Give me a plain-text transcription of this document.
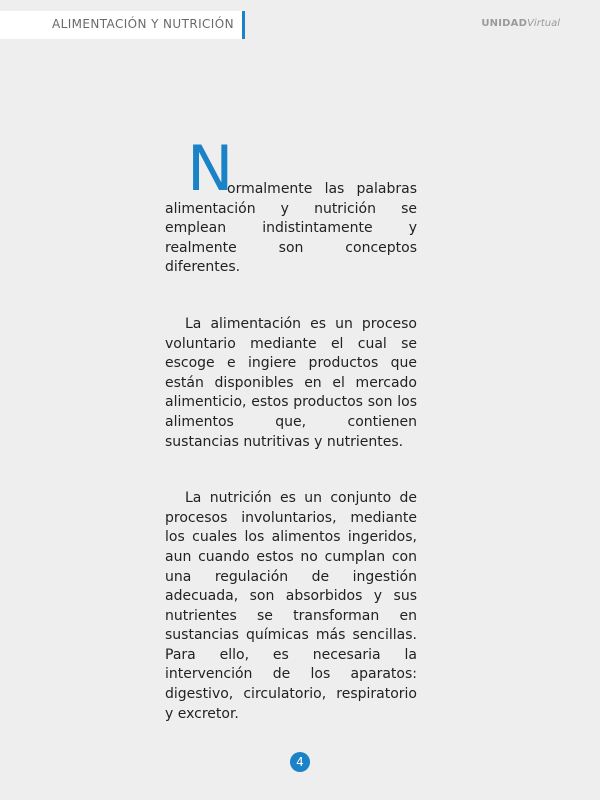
ALIMENTACIÓN Y NUTRICIÓN	UNIDADVirtual

N
ormalmente las palabras alimentación y nutrición se emplean indistintamente y realmente son conceptos diferentes.

La alimentación es un proceso voluntario mediante el cual se escoge e ingiere productos que están disponibles en el mercado alimenticio, estos productos son los alimentos que, contienen sustancias nutritivas y nutrientes.

La nutrición es un conjunto de procesos involuntarios, mediante los cuales los alimentos ingeridos, aun cuando estos no cumplan con una regulación de ingestión adecuada, son absorbidos y sus nutrientes se transforman en sustancias químicas más sencillas. Para ello, es necesaria la intervención de los aparatos: digestivo, circulatorio, respiratorio y excretor.

4
